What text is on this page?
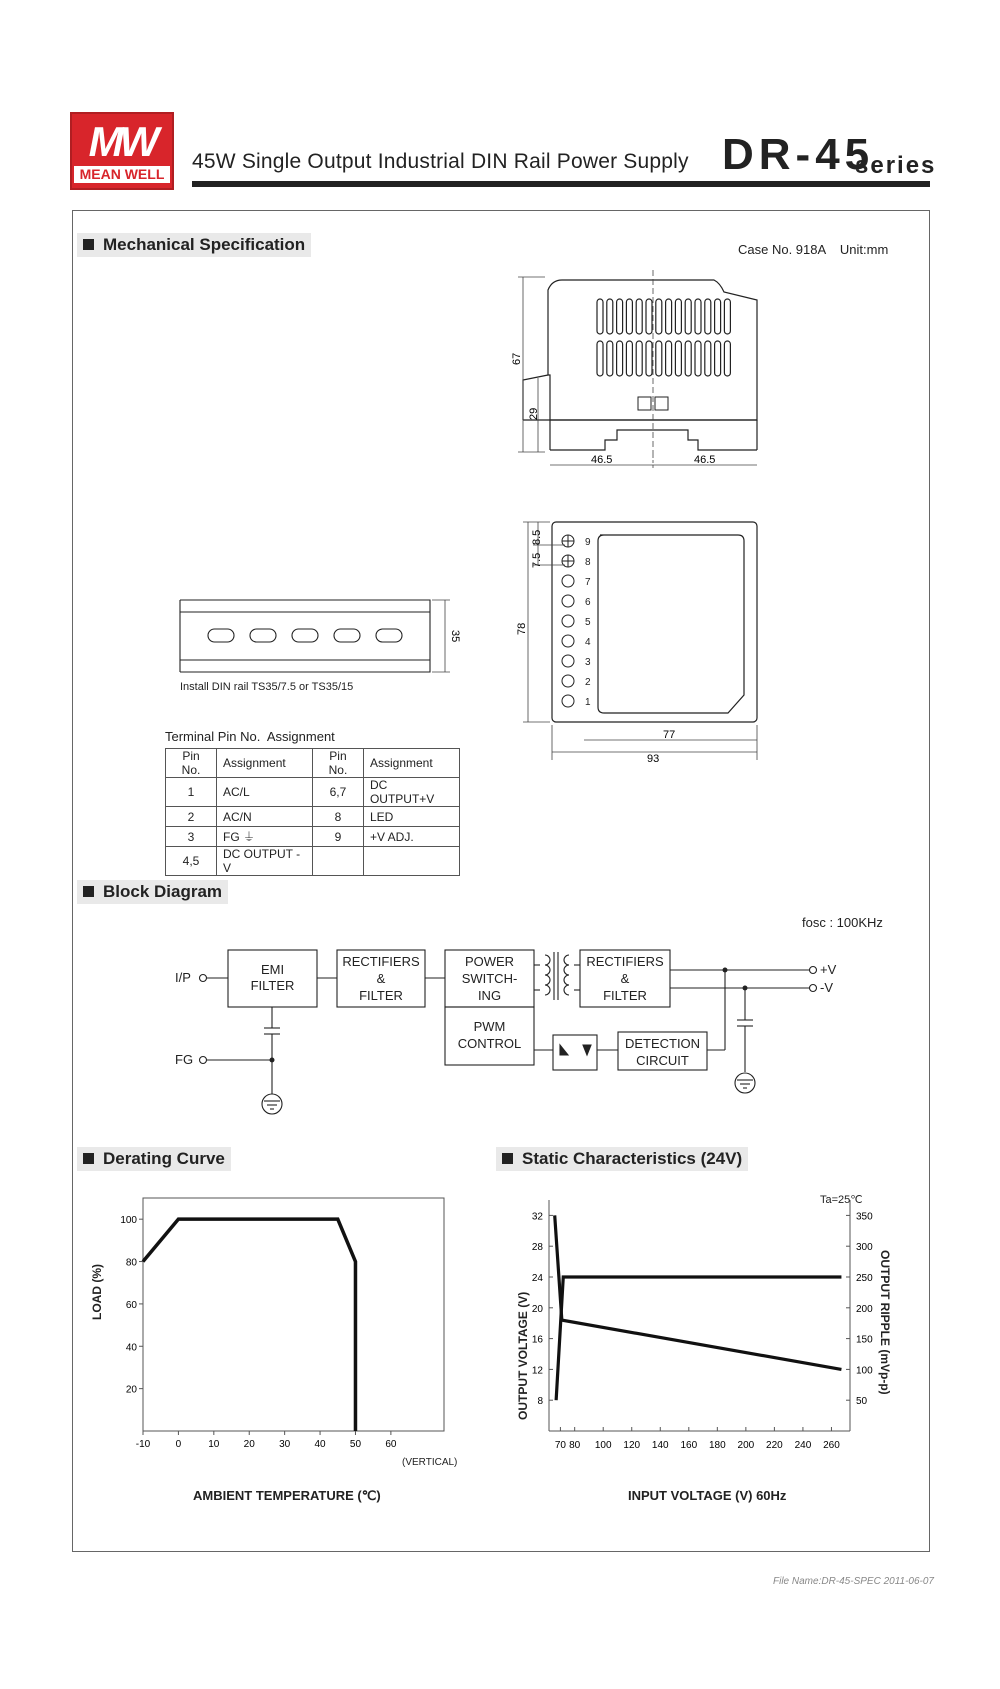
MW
MEAN WELL
45W Single Output Industrial DIN Rail Power Supply DR-45
series
Mechanical Specification	Case No. 918A    Unit:mm
67
29
46.5	46.5
9
8
7
6
5
4
3
2
1
8.5
7.5
78
77
93
35
Install DIN rail TS35/7.5 or TS35/15
Terminal Pin No.  Assignment
Pin No.	Assignment	Pin No.	Assignment
1	AC/L	6,7	DC OUTPUT+V
2	AC/N	8	LED
3	FG ⏚	9	+V ADJ.
4,5	DC OUTPUT -V		
Block Diagram
fosc : 100KHz
I/P
FG
+V
-V
EMI
FILTER
RECTIFIERS
&
FILTER
POWER
SWITCH-
ING
PWM
CONTROL
RECTIFIERS
&
FILTER
DETECTION
CIRCUIT
Derating Curve
20
40
60
80
100
-10	0	10 20 30 40 50 60
LOAD (%)
AMBIENT TEMPERATURE (℃)
(VERTICAL)
Static Characteristics (24V)
Ta=25℃
8
12
16
20
24
28
32
50
100
150
200
250
300
350
70 80 100 120 140 160 180 200 220 240 260
OUTPUT VOLTAGE (V)	OUTPUT RIPPLE (mVp-p)
INPUT VOLTAGE (V) 60Hz
File Name:DR-45-SPEC 2011-06-07
